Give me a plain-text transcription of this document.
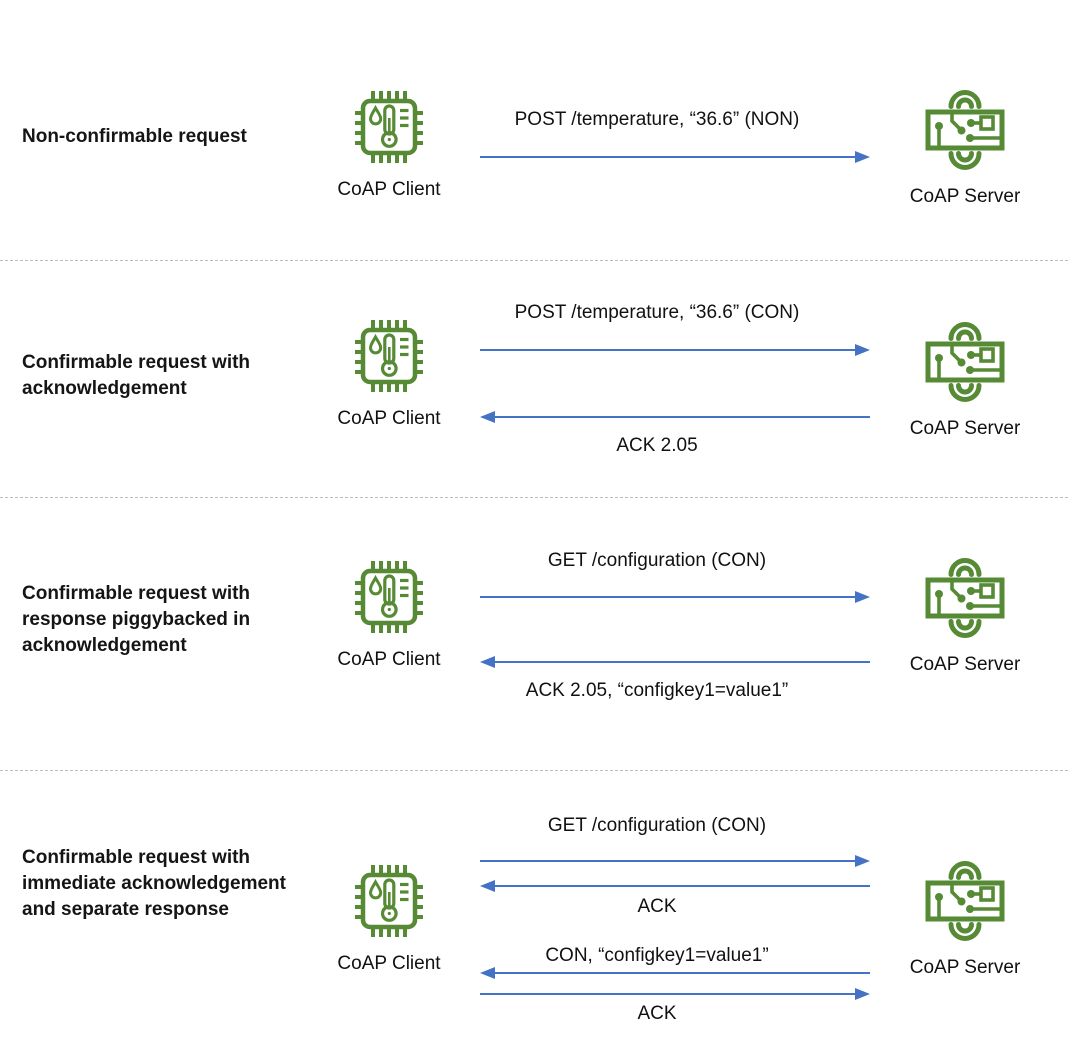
Non-confirmable request
CoAP Client
POST /temperature, “36.6” (NON)
CoAP Server
Confirmable request with acknowledgement
CoAP Client
POST /temperature, “36.6” (CON)
ACK 2.05
CoAP Server
Confirmable request with response piggybacked in acknowledgement
CoAP Client
GET /configuration (CON)
ACK 2.05, “configkey1=value1”
CoAP Server
Confirmable request with immediate acknowledgement and separate response
CoAP Client
GET /configuration (CON)
ACK
CON, “configkey1=value1”
ACK
CoAP Server
